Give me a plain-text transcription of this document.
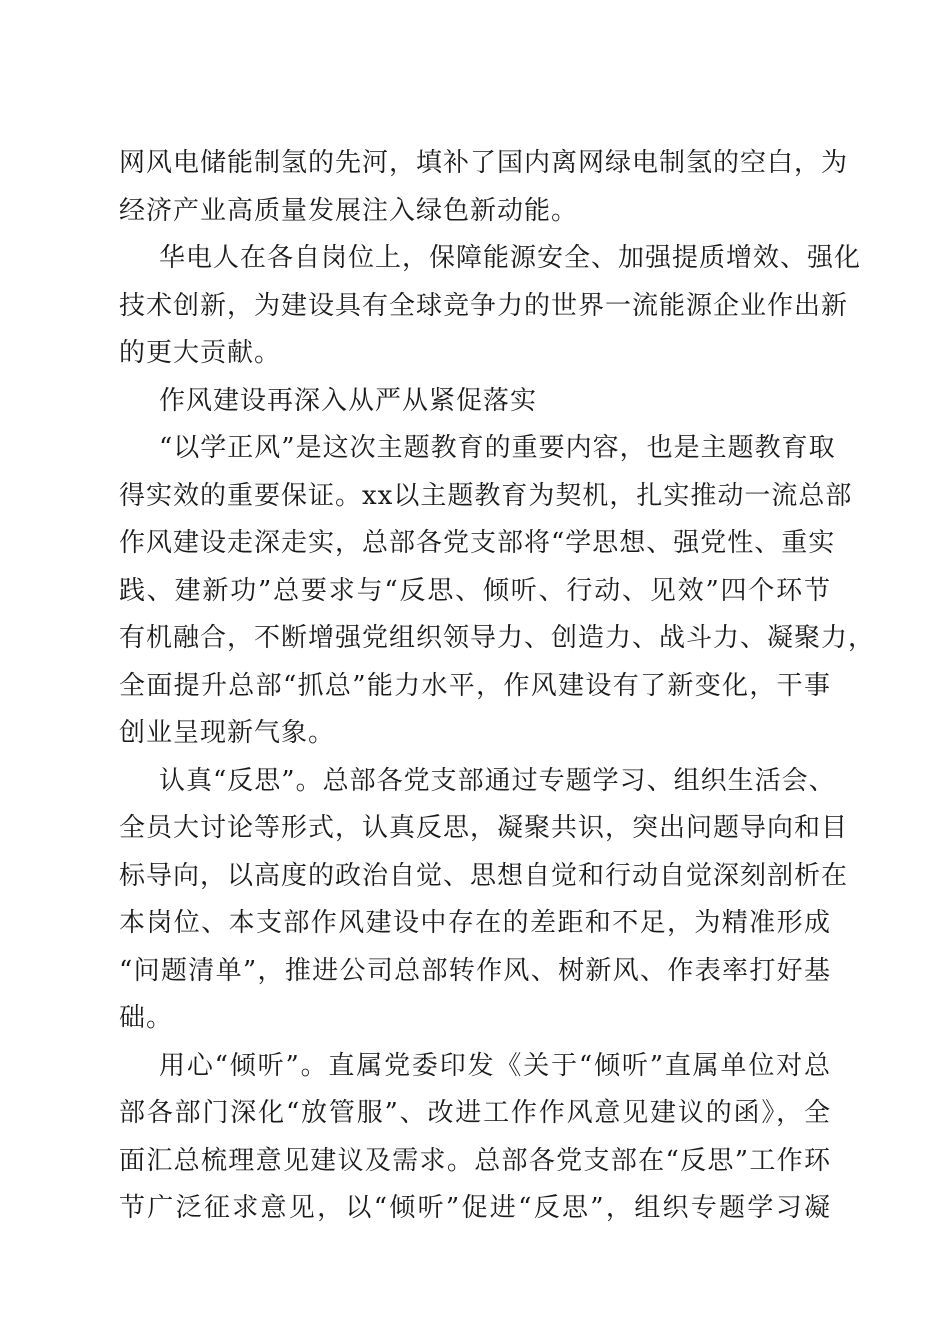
网风电储能制氢的先河，填补了国内离网绿电制氢的空白，为
经济产业高质量发展注入绿色新动能。
华电人在各自岗位上，保障能源安全、加强提质增效、强化
技术创新，为建设具有全球竞争力的世界一流能源企业作出新
的更大贡献。
作风建设再深入从严从紧促落实
“以学正风”是这次主题教育的重要内容，也是主题教育取
得实效的重要保证。xx以主题教育为契机，扎实推动一流总部
作风建设走深走实，总部各党支部将“学思想、强党性、重实
践、建新功”总要求与“反思、倾听、行动、见效”四个环节
有机融合，不断增强党组织领导力、创造力、战斗力、凝聚力，
全面提升总部“抓总”能力水平，作风建设有了新变化，干事
创业呈现新气象。
认真“反思”。总部各党支部通过专题学习、组织生活会、
全员大讨论等形式，认真反思，凝聚共识，突出问题导向和目
标导向，以高度的政治自觉、思想自觉和行动自觉深刻剖析在
本岗位、本支部作风建设中存在的差距和不足，为精准形成
“问题清单”，推进公司总部转作风、树新风、作表率打好基
础。
用心“倾听”。直属党委印发《关于“倾听”直属单位对总
部各部门深化“放管服”、改进工作作风意见建议的函》，全
面汇总梳理意见建议及需求。总部各党支部在“反思”工作环
节广泛征求意见，以“倾听”促进“反思”，组织专题学习凝
